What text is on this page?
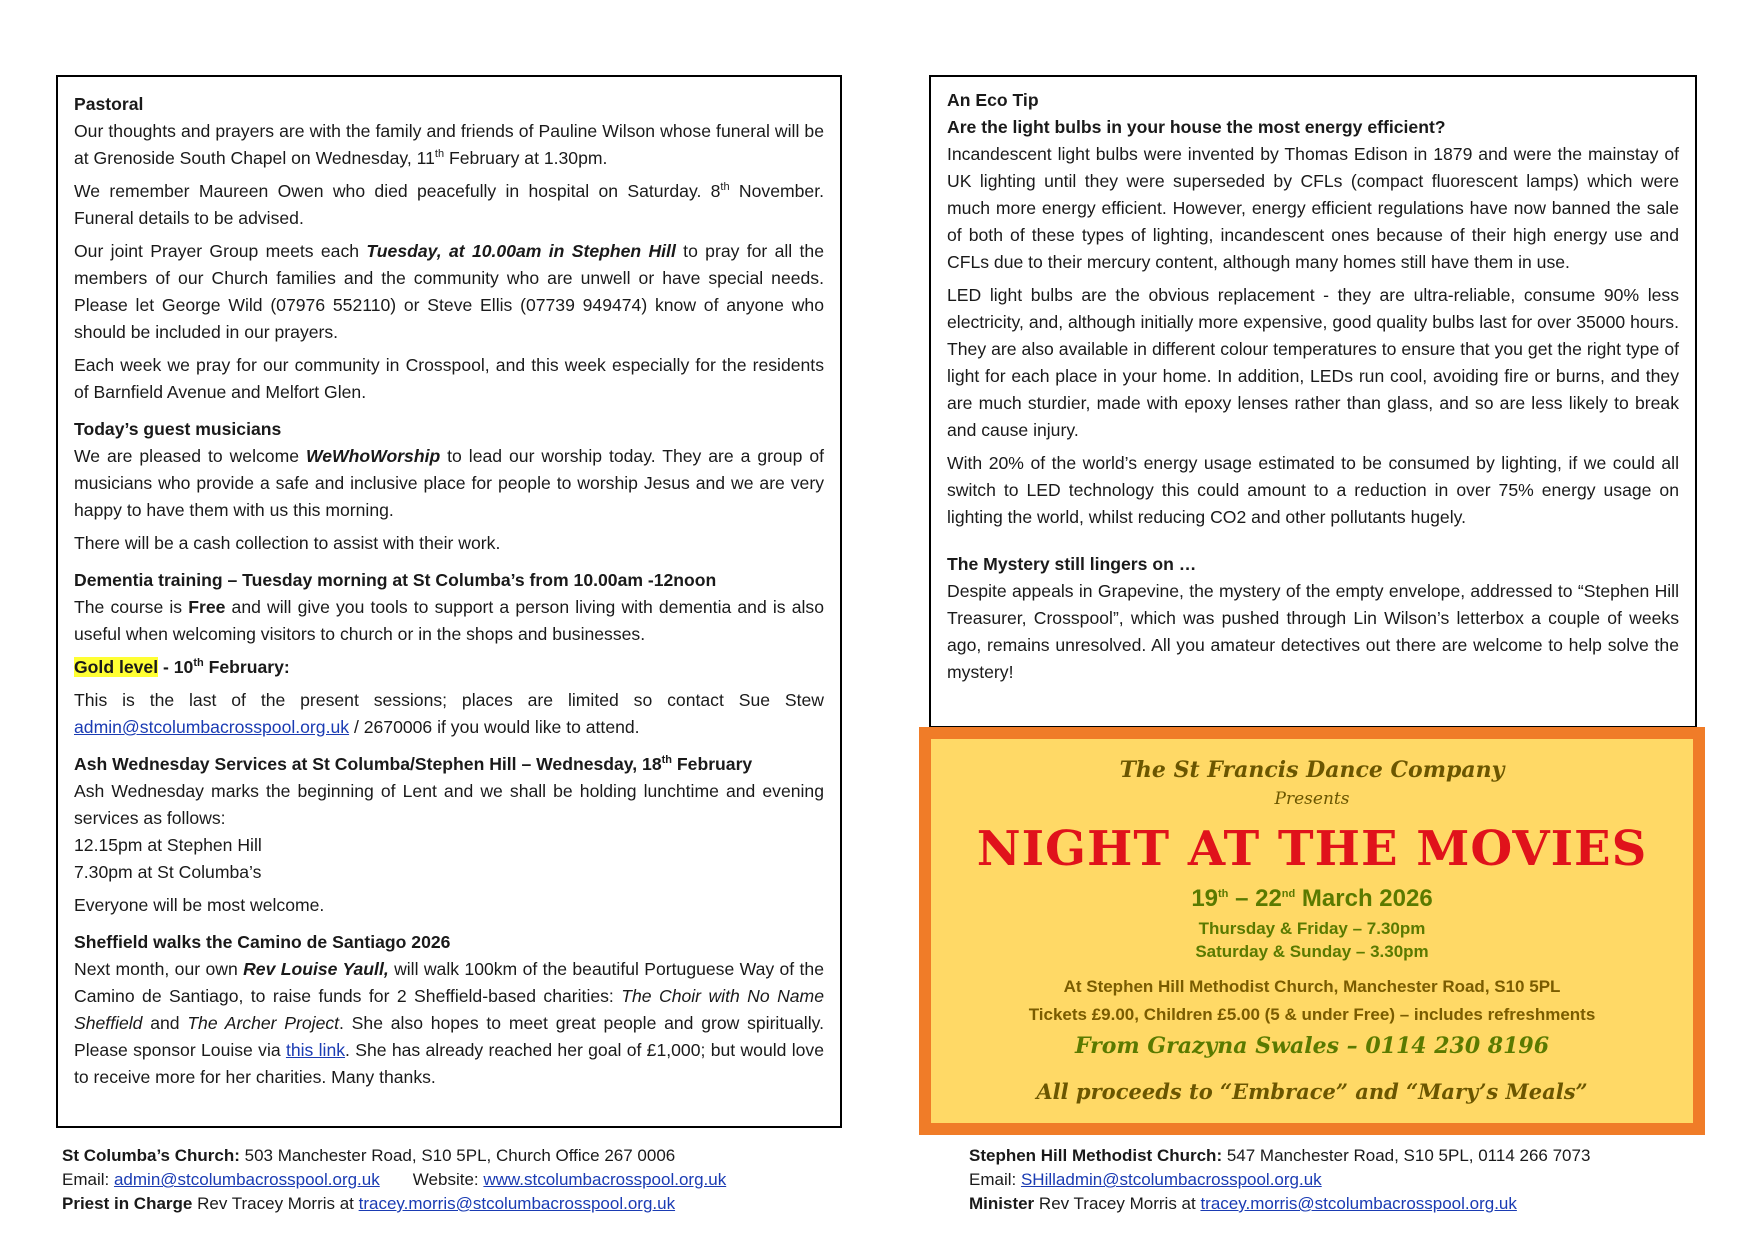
Pastoral

Our thoughts and prayers are with the family and friends of Pauline Wilson whose funeral will be at Grenoside South Chapel on Wednesday, 11th February at 1.30pm.

We remember Maureen Owen who died peacefully in hospital on Saturday. 8th November. Funeral details to be advised.

Our joint Prayer Group meets each Tuesday, at 10.00am in Stephen Hill to pray for all the members of our Church families and the community who are unwell or have special needs. Please let George Wild (07976 552110) or Steve Ellis (07739 949474) know of anyone who should be included in our prayers.

Each week we pray for our community in Crosspool, and this week especially for the residents of Barnfield Avenue and Melfort Glen.

Today’s guest musicians

We are pleased to welcome WeWhoWorship to lead our worship today. They are a group of musicians who provide a safe and inclusive place for people to worship Jesus and we are very happy to have them with us this morning.

There will be a cash collection to assist with their work.

Dementia training – Tuesday morning at St Columba’s from 10.00am -12noon

The course is Free and will give you tools to support a person living with dementia and is also useful when welcoming visitors to church or in the shops and businesses.

Gold level - 10th February:

This is the last of the present sessions; places are limited so contact Sue Stew admin@stcolumbacrosspool.org.uk / 2670006 if you would like to attend.

Ash Wednesday Services at St Columba/Stephen Hill – Wednesday, 18th February

Ash Wednesday marks the beginning of Lent and we shall be holding lunchtime and evening services as follows:

12.15pm at Stephen Hill

7.30pm at St Columba’s

Everyone will be most welcome.

Sheffield walks the Camino de Santiago 2026

Next month, our own Rev Louise Yaull, will walk 100km of the beautiful Portuguese Way of the Camino de Santiago, to raise funds for 2 Sheffield-based charities: The Choir with No Name Sheffield and The Archer Project. She also hopes to meet great people and grow spiritually. Please sponsor Louise via this link. She has already reached her goal of £1,000; but would love to receive more for her charities. Many thanks.

An Eco Tip
Are the light bulbs in your house the most energy efficient?

Incandescent light bulbs were invented by Thomas Edison in 1879 and were the mainstay of UK lighting until they were superseded by CFLs (compact fluorescent lamps) which were much more energy efficient. However, energy efficient regulations have now banned the sale of both of these types of lighting, incandescent ones because of their high energy use and CFLs due to their mercury content, although many homes still have them in use.

LED light bulbs are the obvious replacement - they are ultra-reliable, consume 90% less electricity, and, although initially more expensive, good quality bulbs last for over 35000 hours. They are also available in different colour temperatures to ensure that you get the right type of light for each place in your home. In addition, LEDs run cool, avoiding fire or burns, and they are much sturdier, made with epoxy lenses rather than glass, and so are less likely to break and cause injury.

With 20% of the world’s energy usage estimated to be consumed by lighting, if we could all switch to LED technology this could amount to a reduction in over 75% energy usage on lighting the world, whilst reducing CO2 and other pollutants hugely.

The Mystery still lingers on …

Despite appeals in Grapevine, the mystery of the empty envelope, addressed to “Stephen Hill Treasurer, Crosspool”, which was pushed through Lin Wilson’s letterbox a couple of weeks ago, remains unresolved. All you amateur detectives out there are welcome to help solve the mystery!

The St Francis Dance Company
Presents
NIGHT AT THE MOVIES
19th – 22nd March 2026
Thursday & Friday – 7.30pm
Saturday & Sunday – 3.30pm
At Stephen Hill Methodist Church, Manchester Road, S10 5PL
Tickets £9.00, Children £5.00 (5 & under Free) – includes refreshments
From Grazyna Swales – 0114 230 8196
All proceeds to “Embrace” and “Mary’s Meals”
St Columba’s Church: 503 Manchester Road, S10 5PL, Church Office 267 0006
Email: admin@stcolumbacrosspool.org.uk       Website: www.stcolumbacrosspool.org.uk
Priest in Charge Rev Tracey Morris at tracey.morris@stcolumbacrosspool.org.uk
Stephen Hill Methodist Church: 547 Manchester Road, S10 5PL, 0114 266 7073
Email: SHilladmin@stcolumbacrosspool.org.uk
Minister Rev Tracey Morris at tracey.morris@stcolumbacrosspool.org.uk
